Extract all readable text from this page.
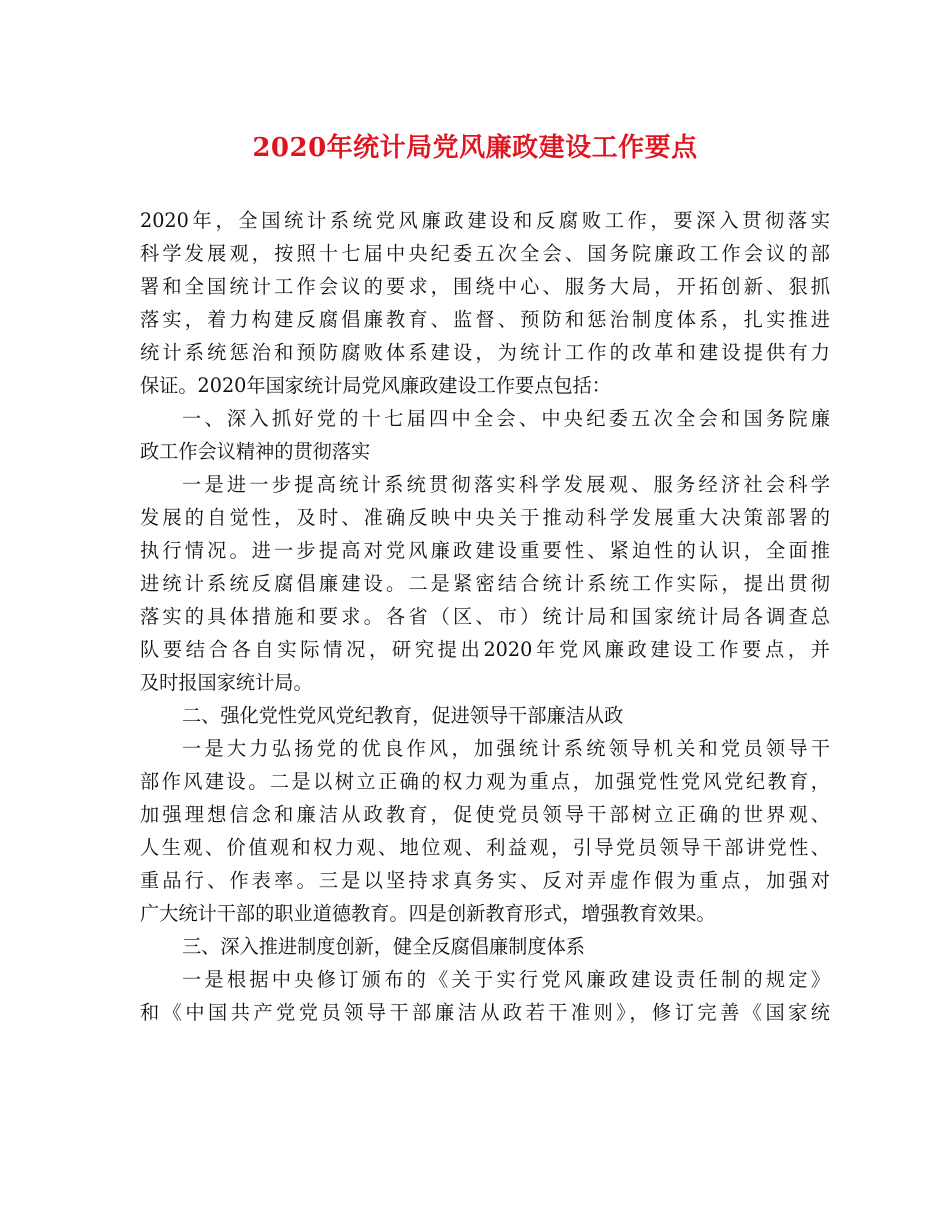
2020年统计局党风廉政建设工作要点
2020年，全国统计系统党风廉政建设和反腐败工作，要深入贯彻落实
科学发展观，按照十七届中央纪委五次全会、国务院廉政工作会议的部
署和全国统计工作会议的要求，围绕中心、服务大局，开拓创新、狠抓
落实，着力构建反腐倡廉教育、监督、预防和惩治制度体系，扎实推进
统计系统惩治和预防腐败体系建设，为统计工作的改革和建设提供有力
保证。2020年国家统计局党风廉政建设工作要点包括：
一、深入抓好党的十七届四中全会、中央纪委五次全会和国务院廉
政工作会议精神的贯彻落实
一是进一步提高统计系统贯彻落实科学发展观、服务经济社会科学
发展的自觉性，及时、准确反映中央关于推动科学发展重大决策部署的
执行情况。进一步提高对党风廉政建设重要性、紧迫性的认识，全面推
进统计系统反腐倡廉建设。二是紧密结合统计系统工作实际，提出贯彻
落实的具体措施和要求。各省（区、市）统计局和国家统计局各调查总
队要结合各自实际情况，研究提出2020年党风廉政建设工作要点，并
及时报国家统计局。
二、强化党性党风党纪教育，促进领导干部廉洁从政
一是大力弘扬党的优良作风，加强统计系统领导机关和党员领导干
部作风建设。二是以树立正确的权力观为重点，加强党性党风党纪教育，
加强理想信念和廉洁从政教育，促使党员领导干部树立正确的世界观、
人生观、价值观和权力观、地位观、利益观，引导党员领导干部讲党性、
重品行、作表率。三是以坚持求真务实、反对弄虚作假为重点，加强对
广大统计干部的职业道德教育。四是创新教育形式，增强教育效果。
三、深入推进制度创新，健全反腐倡廉制度体系
一是根据中央修订颁布的《关于实行党风廉政建设责任制的规定》
和《中国共产党党员领导干部廉洁从政若干准则》，修订完善《国家统
